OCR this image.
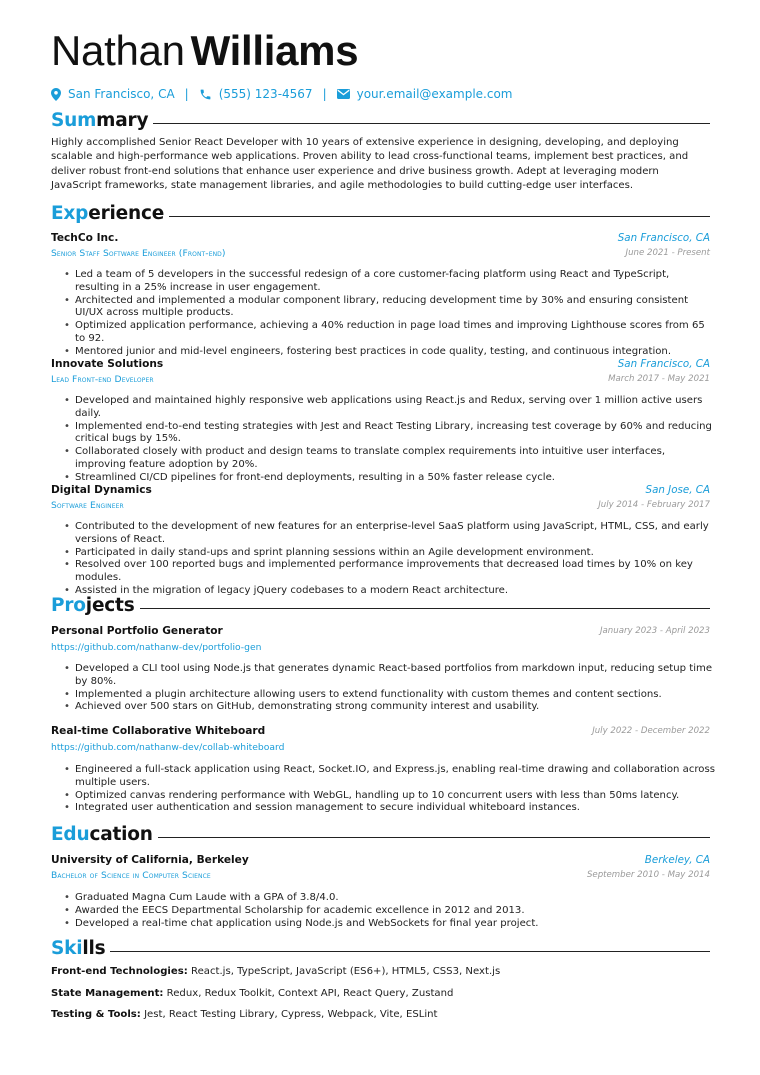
Nathan Williams
San Francisco, CA |	(555) 123-4567 |	your.email@example.com
Summary

Highly accomplished Senior React Developer with 10 years of extensive experience in designing, developing, and deploying scalable and high-performance web applications. Proven ability to lead cross-functional teams, implement best practices, and deliver robust front-end solutions that enhance user experience and drive business growth. Adept at leveraging modern JavaScript frameworks, state management libraries, and agile methodologies to build cutting-edge user interfaces.

Experience
TechCo Inc.	San Francisco, CA
Senior Staff Software Engineer (Front-end)	June 2021 - Present
• Led a team of 5 developers in the successful redesign of a core customer-facing platform using React and TypeScript, resulting in a 25% increase in user engagement.
• Architected and implemented a modular component library, reducing development time by 30% and ensuring consistent UI/UX across multiple products.
• Optimized application performance, achieving a 40% reduction in page load times and improving Lighthouse scores from 65 to 92.
• Mentored junior and mid-level engineers, fostering best practices in code quality, testing, and continuous integration.
Innovate Solutions	San Francisco, CA
Lead Front-end Developer	March 2017 - May 2021
• Developed and maintained highly responsive web applications using React.js and Redux, serving over 1 million active users daily.
• Implemented end-to-end testing strategies with Jest and React Testing Library, increasing test coverage by 60% and reducing critical bugs by 15%.
• Collaborated closely with product and design teams to translate complex requirements into intuitive user interfaces, improving feature adoption by 20%.
• Streamlined CI/CD pipelines for front-end deployments, resulting in a 50% faster release cycle.
Digital Dynamics	San Jose, CA
Software Engineer	July 2014 - February 2017
• Contributed to the development of new features for an enterprise-level SaaS platform using JavaScript, HTML, CSS, and early versions of React.
• Participated in daily stand-ups and sprint planning sessions within an Agile development environment.
• Resolved over 100 reported bugs and implemented performance improvements that decreased load times by 10% on key modules.
• Assisted in the migration of legacy jQuery codebases to a modern React architecture.
Projects
Personal Portfolio Generator	January 2023 - April 2023
https://github.com/nathanw-dev/portfolio-gen
• Developed a CLI tool using Node.js that generates dynamic React-based portfolios from markdown input, reducing setup time by 80%.
• Implemented a plugin architecture allowing users to extend functionality with custom themes and content sections.
• Achieved over 500 stars on GitHub, demonstrating strong community interest and usability.
Real-time Collaborative Whiteboard	July 2022 - December 2022
https://github.com/nathanw-dev/collab-whiteboard
• Engineered a full-stack application using React, Socket.IO, and Express.js, enabling real-time drawing and collaboration across multiple users.
• Optimized canvas rendering performance with WebGL, handling up to 10 concurrent users with less than 50ms latency.
• Integrated user authentication and session management to secure individual whiteboard instances.
Education
University of California, Berkeley	Berkeley, CA
Bachelor of Science in Computer Science	September 2010 - May 2014
• Graduated Magna Cum Laude with a GPA of 3.8/4.0.
• Awarded the EECS Departmental Scholarship for academic excellence in 2012 and 2013.
• Developed a real-time chat application using Node.js and WebSockets for final year project.
Skills
Front-end Technologies: React.js, TypeScript, JavaScript (ES6+), HTML5, CSS3, Next.js
State Management: Redux, Redux Toolkit, Context API, React Query, Zustand
Testing & Tools: Jest, React Testing Library, Cypress, Webpack, Vite, ESLint
